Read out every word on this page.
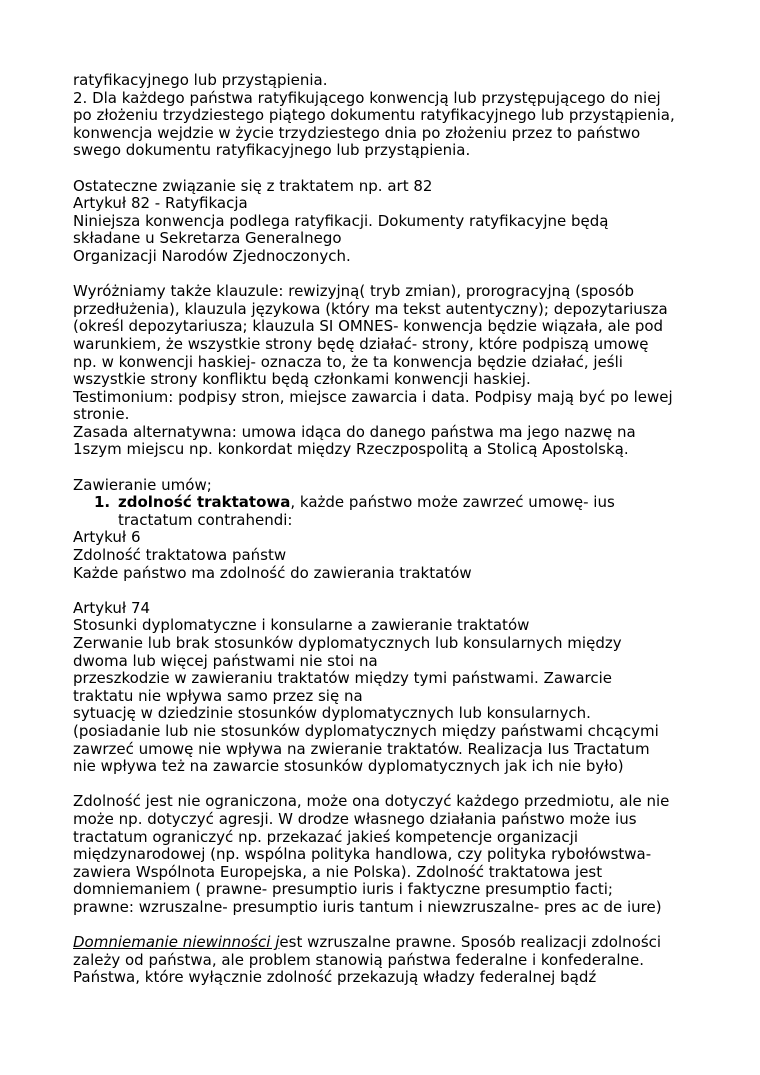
ratyfikacyjnego lub przystąpienia.
2. Dla każdego państwa ratyfikującego konwencją lub przystępującego do niej
po złożeniu trzydziestego piątego dokumentu ratyfikacyjnego lub przystąpienia,
konwencja wejdzie w życie trzydziestego dnia po złożeniu przez to państwo
swego dokumentu ratyfikacyjnego lub przystąpienia.
Ostateczne związanie się z traktatem np. art 82
Artykuł 82 - Ratyfikacja
Niniejsza konwencja podlega ratyfikacji. Dokumenty ratyfikacyjne będą
składane u Sekretarza Generalnego
Organizacji Narodów Zjednoczonych.
Wyróżniamy także klauzule: rewizyjną( tryb zmian), prorogracyjną (sposób
przedłużenia), klauzula językowa (który ma tekst autentyczny); depozytariusza
(określ depozytariusza; klauzula SI OMNES- konwencja będzie wiązała, ale pod
warunkiem, że wszystkie strony będę działać- strony, które podpiszą umowę
np. w konwencji haskiej- oznacza to, że ta konwencja będzie działać, jeśli
wszystkie strony konfliktu będą członkami konwencji haskiej.
Testimonium: podpisy stron, miejsce zawarcia i data. Podpisy mają być po lewej
stronie.
Zasada alternatywna: umowa idąca do danego państwa ma jego nazwę na
1szym miejscu np. konkordat między Rzeczpospolitą a Stolicą Apostolską.
Zawieranie umów;
1. zdolność traktatowa, każde państwo może zawrzeć umowę- ius
tractatum contrahendi:
Artykuł 6
Zdolność traktatowa państw
Każde państwo ma zdolność do zawierania traktatów
Artykuł 74
Stosunki dyplomatyczne i konsularne a zawieranie traktatów
Zerwanie lub brak stosunków dyplomatycznych lub konsularnych między
dwoma lub więcej państwami nie stoi na
przeszkodzie w zawieraniu traktatów między tymi państwami. Zawarcie
traktatu nie wpływa samo przez się na
sytuację w dziedzinie stosunków dyplomatycznych lub konsularnych.
(posiadanie lub nie stosunków dyplomatycznych między państwami chcącymi
zawrzeć umowę nie wpływa na zwieranie traktatów. Realizacja Ius Tractatum
nie wpływa też na zawarcie stosunków dyplomatycznych jak ich nie było)
Zdolność jest nie ograniczona, może ona dotyczyć każdego przedmiotu, ale nie
może np. dotyczyć agresji. W drodze własnego działania państwo może ius
tractatum ograniczyć np. przekazać jakieś kompetencje organizacji
międzynarodowej (np. wspólna polityka handlowa, czy polityka rybołówstwa-
zawiera Wspólnota Europejska, a nie Polska). Zdolność traktatowa jest
domniemaniem ( prawne- presumptio iuris i faktyczne presumptio facti;
prawne: wzruszalne- presumptio iuris tantum i niewzruszalne- pres ac de iure)
Domniemanie niewinności jest wzruszalne prawne. Sposób realizacji zdolności
zależy od państwa, ale problem stanowią państwa federalne i konfederalne.
Państwa, które wyłącznie zdolność przekazują władzy federalnej bądź
